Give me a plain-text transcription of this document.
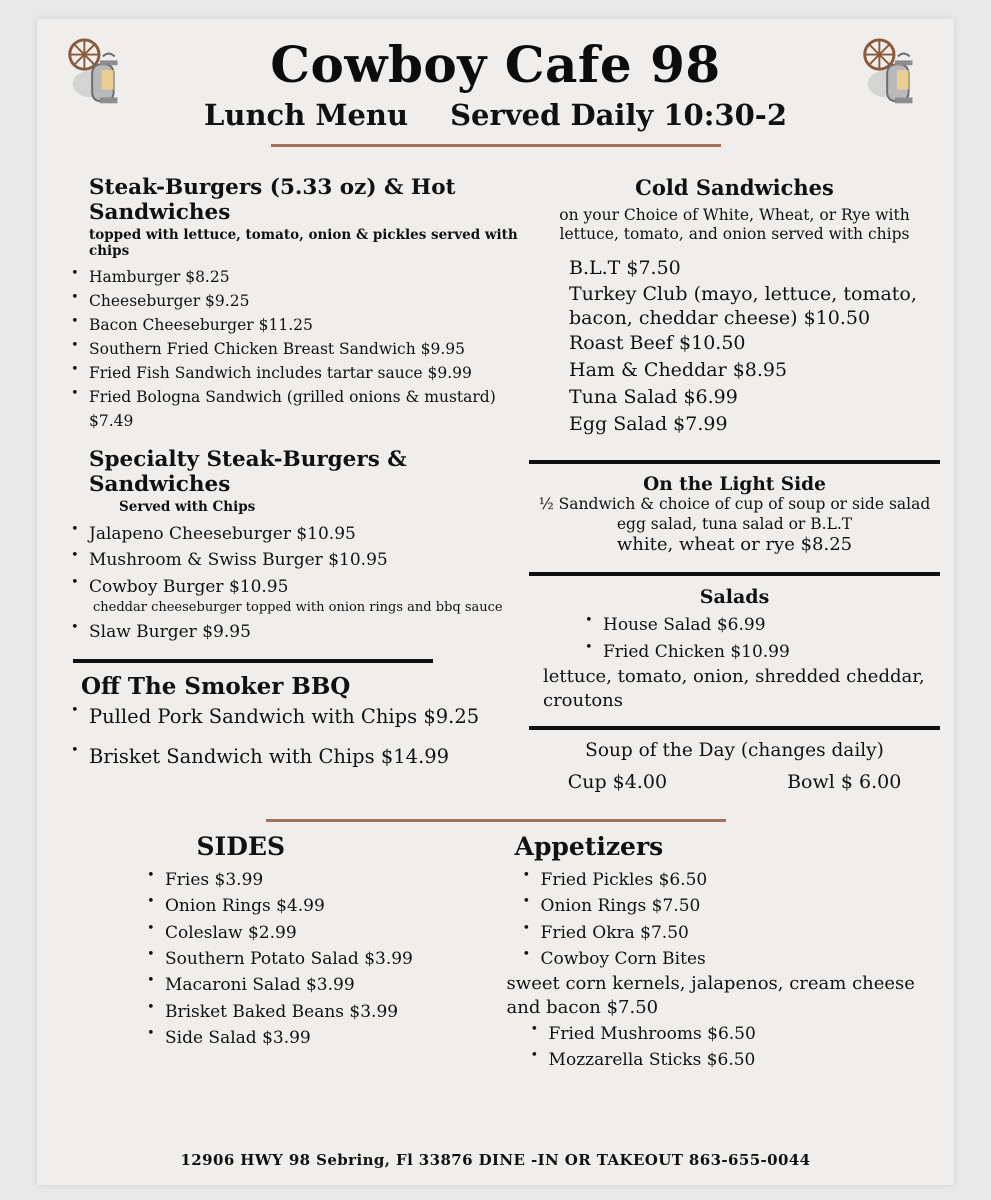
Cowboy Cafe 98
Lunch Menu Served Daily 10:30-2
Steak-Burgers (5.33 oz) & Hot Sandwiches
topped with lettuce, tomato, onion & pickles served with chips
• Hamburger $8.25
• Cheeseburger $9.25
• Bacon Cheeseburger $11.25
• Southern Fried Chicken Breast Sandwich $9.95
• Fried Fish Sandwich includes tartar sauce $9.99
• Fried Bologna Sandwich (grilled onions & mustard) $7.49
Specialty Steak-Burgers & Sandwiches
Served with Chips
• Jalapeno Cheeseburger $10.95
• Mushroom & Swiss Burger $10.95
• Cowboy Burger $10.95
cheddar cheeseburger topped with onion rings and bbq sauce
• Slaw Burger $9.95
Off The Smoker BBQ
• Pulled Pork Sandwich with Chips $9.25
• Brisket Sandwich with Chips $14.99
Cold Sandwiches
on your Choice of White, Wheat, or Rye with lettuce, tomato, and onion served with chips
B.L.T $7.50
Turkey Club (mayo, lettuce, tomato, bacon, cheddar cheese) $10.50
Roast Beef $10.50
Ham & Cheddar $8.95
Tuna Salad $6.99
Egg Salad $7.99
On the Light Side
½ Sandwich & choice of cup of soup or side salad
egg salad, tuna salad or B.L.T
white, wheat or rye $8.25
Salads
• House Salad $6.99
• Fried Chicken $10.99
lettuce, tomato, onion, shredded cheddar, croutons
Soup of the Day (changes daily)
Cup $4.00	Bowl $ 6.00
SIDES
• Fries $3.99
• Onion Rings $4.99
• Coleslaw $2.99
• Southern Potato Salad $3.99
• Macaroni Salad $3.99
• Brisket Baked Beans $3.99
• Side Salad $3.99
Appetizers
• Fried Pickles $6.50
• Onion Rings $7.50
• Fried Okra $7.50
• Cowboy Corn Bites
sweet corn kernels, jalapenos, cream cheese and bacon $7.50
• Fried Mushrooms $6.50
• Mozzarella Sticks $6.50
12906 HWY 98 Sebring, Fl 33876 DINE -IN OR TAKEOUT 863-655-0044
